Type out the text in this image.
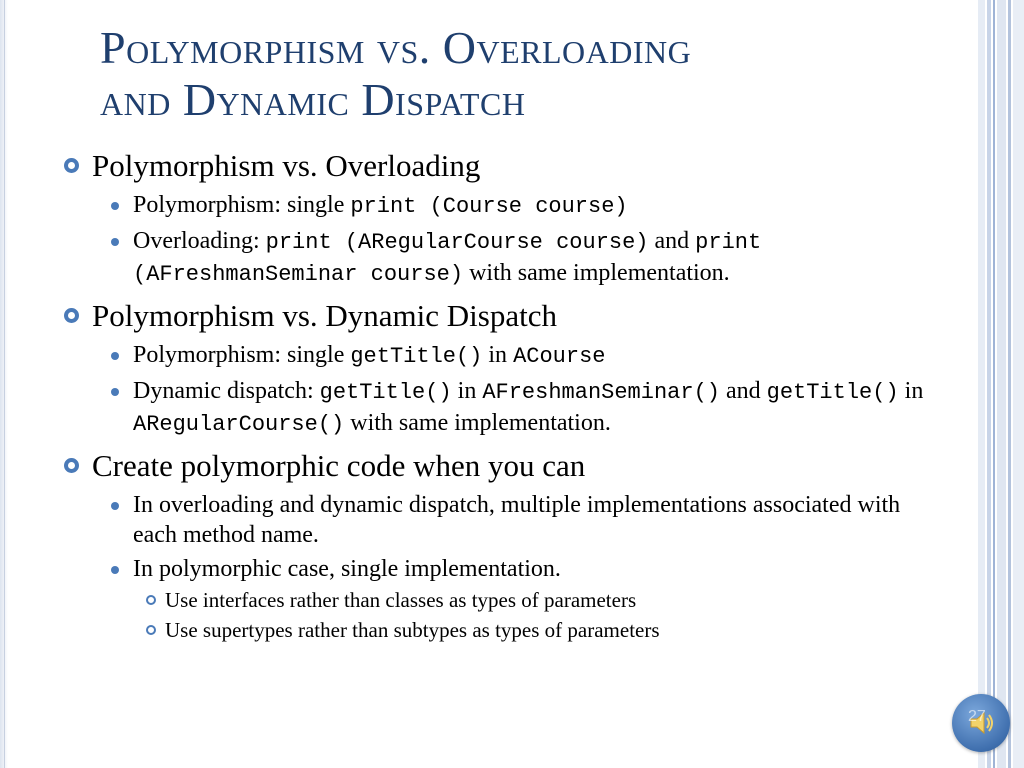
Polymorphism vs. Overloading
and Dynamic Dispatch
Polymorphism vs. Overloading
Polymorphism: single print (Course course)
Overloading: print (ARegularCourse course) and print (AFreshmanSeminar course) with same implementation.
Polymorphism vs. Dynamic Dispatch
Polymorphism: single getTitle() in ACourse
Dynamic dispatch: getTitle() in AFreshmanSeminar() and getTitle() in ARegularCourse() with same implementation.
Create polymorphic code when you can
In overloading and dynamic dispatch, multiple implementations associated with each method name.
In polymorphic case, single implementation.
Use interfaces rather than classes as types of parameters
Use supertypes rather than subtypes as types of parameters
27
